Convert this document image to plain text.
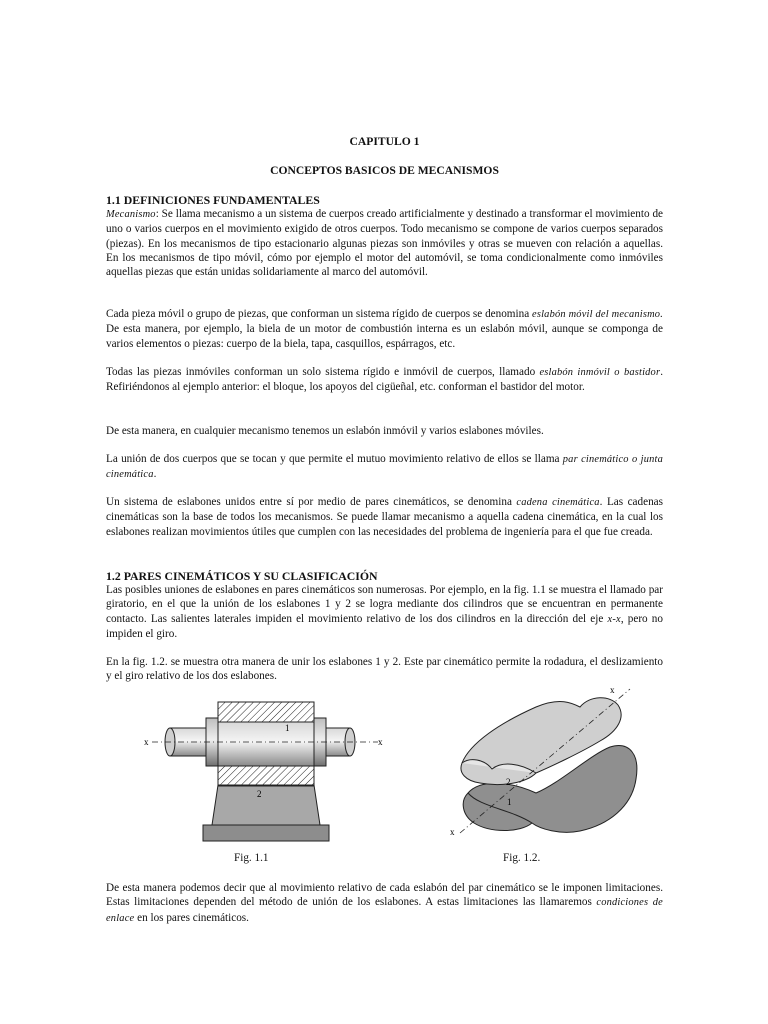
CAPITULO 1
CONCEPTOS BASICOS DE MECANISMOS
1.1 DEFINICIONES FUNDAMENTALES
Mecanismo: Se llama mecanismo a un sistema de cuerpos creado artificialmente y destinado a transformar el movimiento de uno o varios cuerpos en el movimiento exigido de otros cuerpos. Todo mecanismo se compone de varios cuerpos separados (piezas). En los mecanismos de tipo estacionario algunas piezas son inmóviles y otras se mueven con relación a aquellas. En los mecanismos de tipo móvil, cómo por ejemplo el motor del automóvil, se toma condicionalmente como inmóviles aquellas piezas que están unidas solidariamente al marco del automóvil.
Cada pieza móvil o grupo de piezas, que conforman un sistema rígido de cuerpos se denomina eslabón móvil del mecanismo. De esta manera, por ejemplo, la biela de un motor de combustión interna es un eslabón móvil, aunque se componga de varios elementos o piezas: cuerpo de la biela, tapa, casquillos, espárragos, etc.
Todas las piezas inmóviles conforman un solo sistema rígido e inmóvil de cuerpos, llamado eslabón inmóvil o bastidor. Refiriéndonos al ejemplo anterior: el bloque, los apoyos del cigüeñal, etc. conforman el bastidor del motor.
De esta manera, en cualquier mecanismo tenemos un eslabón inmóvil y varios eslabones móviles.
La unión de dos cuerpos que se tocan y que permite el mutuo movimiento relativo de ellos se llama par cinemático o junta cinemática.
Un sistema de eslabones unidos entre sí por medio de pares cinemáticos, se denomina cadena cinemática. Las cadenas cinemáticas son la base de todos los mecanismos. Se puede llamar mecanismo a aquella cadena cinemática, en la cual los eslabones realizan movimientos útiles que cumplen con las necesidades del problema de ingeniería para el que fue creada.
1.2 PARES CINEMÁTICOS Y SU CLASIFICACIÓN
Las posibles uniones de eslabones en pares cinemáticos son numerosas. Por ejemplo, en la fig. 1.1 se muestra el llamado par giratorio, en el que la unión de los eslabones 1 y 2 se logra mediante dos cilindros que se encuentran en permanente contacto. Las salientes laterales impiden el movimiento relativo de los dos cilindros en la dirección del eje x-x, pero no impiden el giro.
En la fig. 1.2. se muestra otra manera de unir los eslabones 1 y 2. Este par cinemático permite la rodadura, el deslizamiento y el giro relativo de los dos eslabones.
De esta manera podemos decir que al movimiento relativo de cada eslabón del par cinemático se le imponen limitaciones. Estas limitaciones dependen del método de unión de los eslabones. A estas limitaciones las llamaremos condiciones de enlace en los pares cinemáticos.
Fig. 1.1	Fig. 1.2.
x	x
1
2
x
x
2
1
